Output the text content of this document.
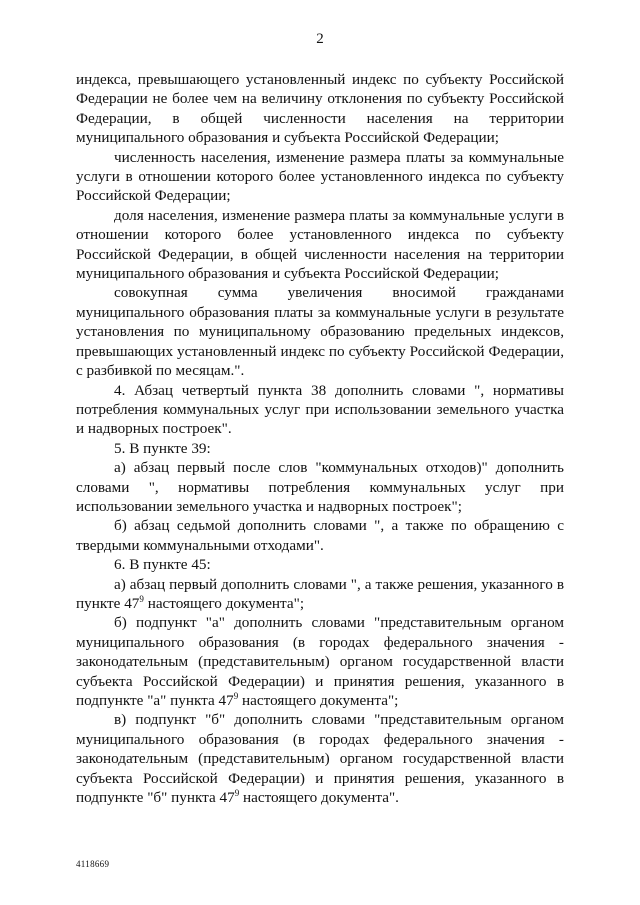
2

индекса, превышающего установленный индекс по субъекту Российской Федерации не более чем на величину отклонения по субъекту Российской Федерации, в общей численности населения на территории муниципального образования и субъекта Российской Федерации;

численность населения, изменение размера платы за коммунальные услуги в отношении которого более установленного индекса по субъекту Российской Федерации;

доля населения, изменение размера платы за коммунальные услуги в отношении которого более установленного индекса по субъекту Российской Федерации, в общей численности населения на территории муниципального образования и субъекта Российской Федерации;

совокупная сумма увеличения вносимой гражданами муниципального образования платы за коммунальные услуги в результате установления по муниципальному образованию предельных индексов, превышающих установленный индекс по субъекту Российской Федерации, с разбивкой по месяцам.".

4. Абзац четвертый пункта 38 дополнить словами ", нормативы потребления коммунальных услуг при использовании земельного участка и надворных построек".

5. В пункте 39:

а) абзац первый после слов "коммунальных отходов)" дополнить словами ", нормативы потребления коммунальных услуг при использовании земельного участка и надворных построек";

б) абзац седьмой дополнить словами ", а также по обращению с твердыми коммунальными отходами".

6. В пункте 45:

а) абзац первый дополнить словами ", а также решения, указанного в пункте $47^9$ настоящего документа";

б) подпункт "а" дополнить словами "представительным органом муниципального образования (в городах федерального значения - законодательным (представительным) органом государственной власти субъекта Российской Федерации) и принятия решения, указанного в подпункте "а" пункта $47^9$ настоящего документа";

в) подпункт "б" дополнить словами "представительным органом муниципального образования (в городах федерального значения - законодательным (представительным) органом государственной власти субъекта Российской Федерации) и принятия решения, указанного в подпункте "б" пункта $47^9$ настоящего документа".

4118669
